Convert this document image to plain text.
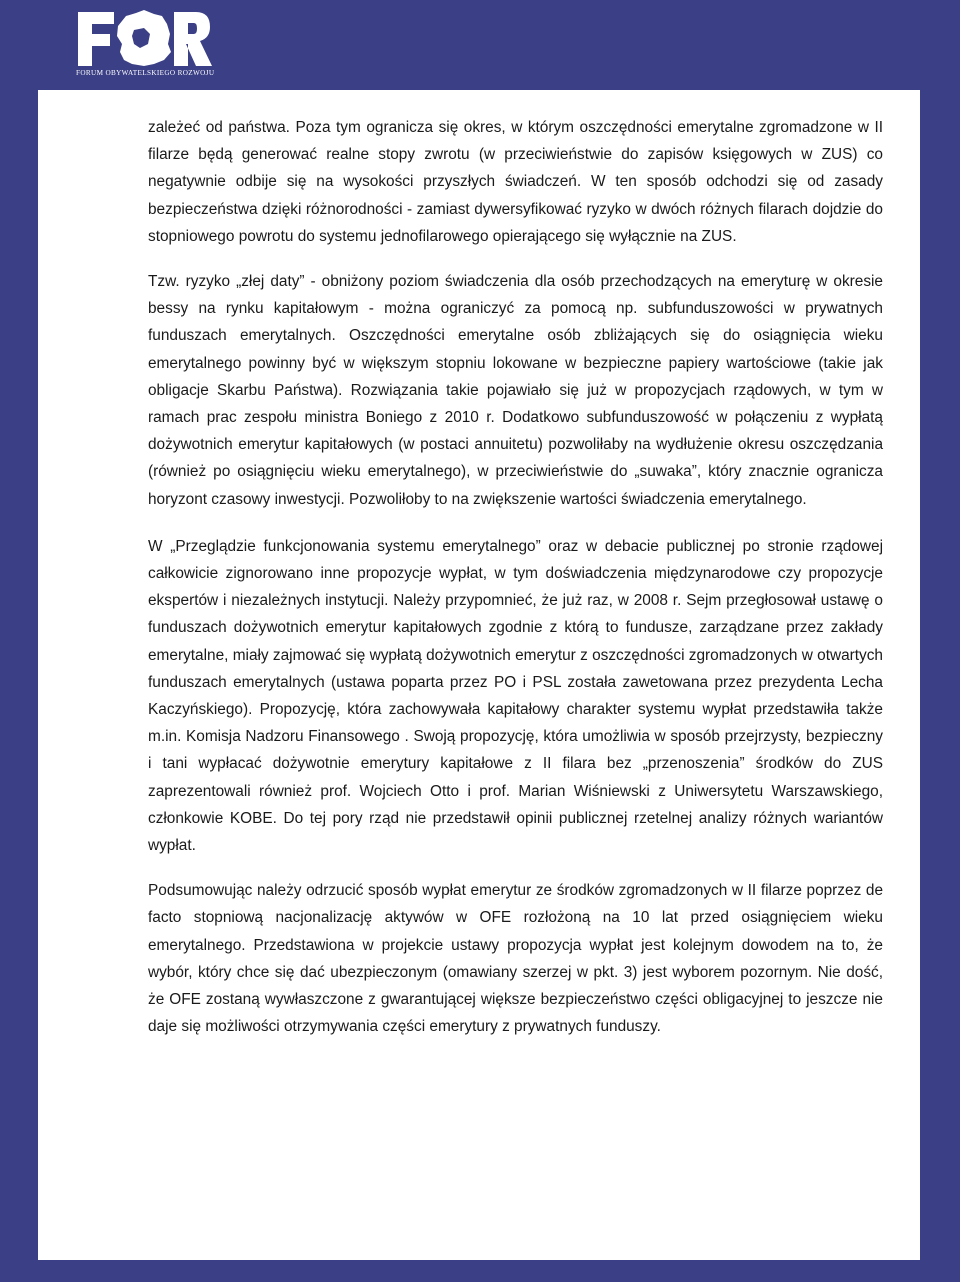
FORUM OBYWATELSKIEGO ROZWOJU

zależeć od państwa. Poza tym ogranicza się okres, w którym oszczędności emerytalne zgromadzone w II filarze będą generować realne stopy zwrotu (w przeciwieństwie do zapisów księgowych w ZUS) co negatywnie odbije się na wysokości przyszłych świadczeń. W ten sposób odchodzi się od zasady bezpieczeństwa dzięki różnorodności - zamiast dywersyfikować ryzyko w dwóch różnych filarach dojdzie do stopniowego powrotu do systemu jednofilarowego opierającego się wyłącznie na ZUS.

Tzw. ryzyko „złej daty” - obniżony poziom świadczenia dla osób przechodzących na emeryturę w okresie bessy na rynku kapitałowym - można ograniczyć za pomocą np. subfunduszowości w prywatnych funduszach emerytalnych. Oszczędności emerytalne osób zbliżających się do osiągnięcia wieku emerytalnego powinny być w większym stopniu lokowane w bezpieczne papiery wartościowe (takie jak obligacje Skarbu Państwa). Rozwiązania takie pojawiało się już w propozycjach rządowych, w tym w ramach prac zespołu ministra Boniego z 2010 r. Dodatkowo subfunduszowość w połączeniu z wypłatą dożywotnich emerytur kapitałowych (w postaci annuitetu) pozwoliłaby na wydłużenie okresu oszczędzania (również po osiągnięciu wieku emerytalnego), w przeciwieństwie do „suwaka”, który znacznie ogranicza horyzont czasowy inwestycji. Pozwoliłoby to na zwiększenie wartości świadczenia emerytalnego.

W „Przeglądzie funkcjonowania systemu emerytalnego” oraz w debacie publicznej po stronie rządowej całkowicie zignorowano inne propozycje wypłat, w tym doświadczenia międzynarodowe czy propozycje ekspertów i niezależnych instytucji. Należy przypomnieć, że już raz, w 2008 r. Sejm przegłosował ustawę o funduszach dożywotnich emerytur kapitałowych zgodnie z którą to fundusze, zarządzane przez zakłady emerytalne, miały zajmować się wypłatą dożywotnich emerytur z oszczędności zgromadzonych w otwartych funduszach emerytalnych (ustawa poparta przez PO i PSL została zawetowana przez prezydenta Lecha Kaczyńskiego). Propozycję, która zachowywała kapitałowy charakter systemu wypłat przedstawiła także m.in. Komisja Nadzoru Finansowego . Swoją propozycję, która umożliwia w sposób przejrzysty, bezpieczny i tani wypłacać dożywotnie emerytury kapitałowe z II filara bez „przenoszenia” środków do ZUS zaprezentowali również prof. Wojciech Otto i prof. Marian Wiśniewski z Uniwersytetu Warszawskiego, członkowie KOBE. Do tej pory rząd nie przedstawił opinii publicznej rzetelnej analizy różnych wariantów wypłat.

Podsumowując należy odrzucić sposób wypłat emerytur ze środków zgromadzonych w II filarze poprzez de facto stopniową nacjonalizację aktywów w OFE rozłożoną na 10 lat przed osiągnięciem wieku emerytalnego. Przedstawiona w projekcie ustawy propozycja wypłat jest kolejnym dowodem na to, że wybór, który chce się dać ubezpieczonym (omawiany szerzej w pkt. 3) jest wyborem pozornym. Nie dość, że OFE zostaną wywłaszczone z gwarantującej większe bezpieczeństwo części obligacyjnej to jeszcze nie daje się możliwości otrzymywania części emerytury z prywatnych funduszy.
